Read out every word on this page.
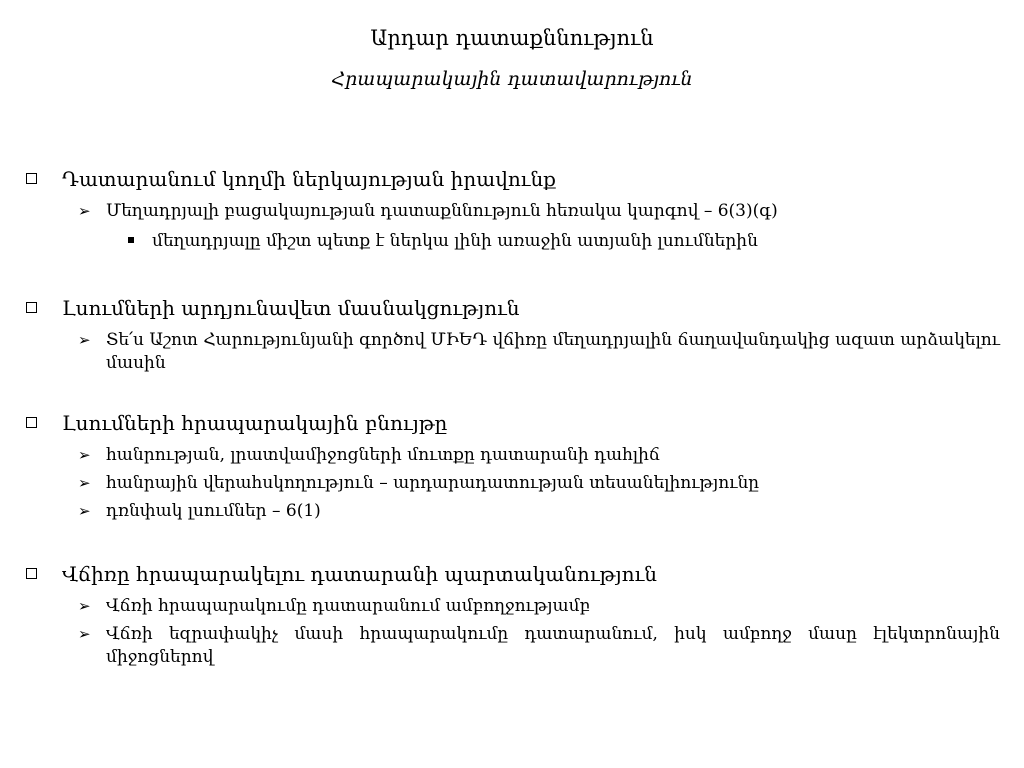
Արդար դատաքննություն
Հրապարակային դատավարություն
Դատարանում կողմի ներկայության իրավունք
➢ Մեղադրյալի բացակայության դատաքննություն հեռակա կարգով – 6(3)(գ)
մեղադրյալը միշտ պետք է ներկա լինի առաջին ատյանի լսումներին
Լսումների արդյունավետ մասնակցություն
➢ Տե՛ս Աշոտ Հարությունյանի գործով ՄԻԵԴ վճիռը մեղադրյալին ճաղավանդակից ազատ արձակելու մասին
Լսումների հրապարակային բնույթը
➢ հանրության, լրատվամիջոցների մուտքը դատարանի դահլիճ
➢ հանրային վերահսկողություն – արդարադատության տեսանելիությունը
➢ դռնփակ լսումներ – 6(1)
Վճիռը հրապարակելու դատարանի պարտականություն
➢ Վճռի հրապարակումը դատարանում ամբողջությամբ
➢ Վճռի եզրափակիչ մասի հրապարակումը դատարանում, իսկ ամբողջ մասը էլեկտրոնային միջոցներով
